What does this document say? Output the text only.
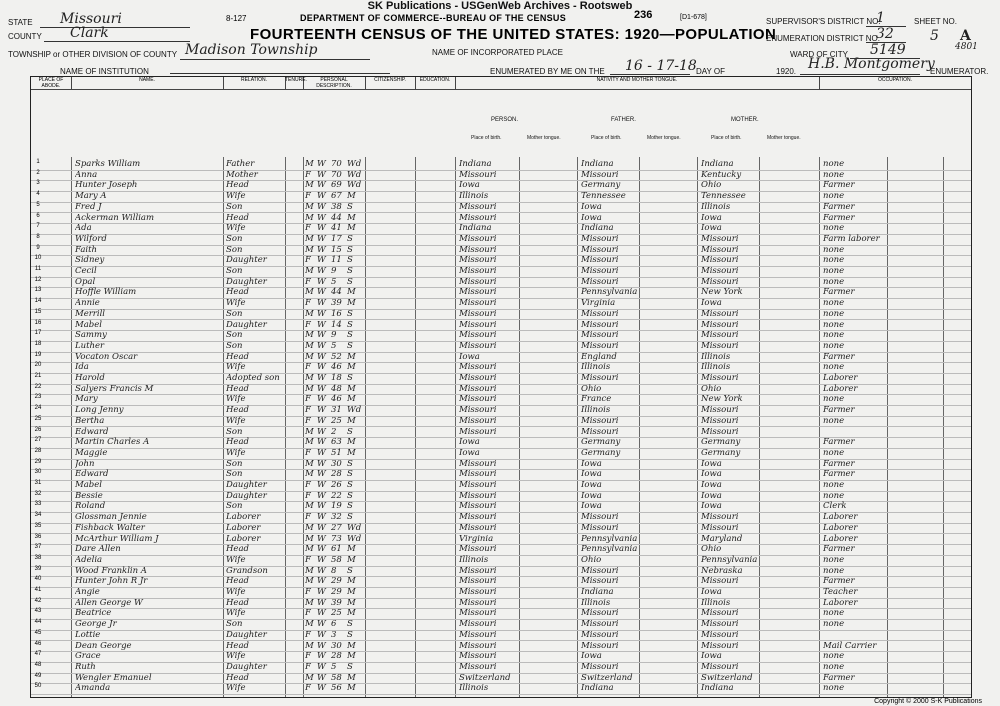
SK Publications - USGenWeb Archives - Rootsweb
8-127	DEPARTMENT OF COMMERCE--BUREAU OF THE CENSUS	236	[D1-678]
FOURTEENTH CENSUS OF THE UNITED STATES: 1920—POPULATION
STATE Missouri
COUNTY Clark
TOWNSHIP or OTHER DIVISION OF COUNTY Madison Township	NAME OF INCORPORATED PLACE
NAME OF INSTITUTION	ENUMERATED BY ME ON THE 16 - 17-18 DAY OF	1920. H.B. Montgomery
ENUMERATOR.
SUPERVISOR'S DISTRICT NO.
1	SHEET NO.
ENUMERATION DISTRICT NO.
32	5 A
WARD OF CITY 5149	4801
PLACE OF ABODE.
NAME.	RELATION.	TENURE.	PERSONAL DESCRIPTION.
CITIZENSHIP.	EDUCATION.	NATIVITY AND MOTHER TONGUE.	OCCUPATION.
PERSON.	FATHER.	MOTHER.
Place of birth.	Mother tongue.	Place of birth.	Mother tongue.	Place of birth.	Mother tongue.
1	Sparks William	Father	M W 70 Wd	Indiana	Indiana	Indiana	none
2	Anna	Mother	F W 70 Wd	Missouri	Missouri	Kentucky	none
3	Hunter Joseph	Head	M W 69 Wd	Iowa	Germany	Ohio	Farmer
4	Mary A	Wife	F W 67 M	Illinois	Tennessee	Tennessee	none
5	Fred J	Son	M W 38 S	Missouri	Iowa	Illinois	Farmer
6	Ackerman William	Head	M W 44 M	Missouri	Iowa	Iowa	Farmer
7	Ada	Wife	F W 41 M	Indiana	Indiana	Iowa	none
8	Wilford	Son	M W 17 S	Missouri	Missouri	Missouri	Farm laborer
9	Faith	Son	M W 15 S	Missouri	Missouri	Missouri	none
10	Sidney	Daughter	F W 11 S	Missouri	Missouri	Missouri	none
11	Cecil	Son	M W 9	S	Missouri	Missouri	Missouri	none
12	Opal	Daughter	F W 5	S	Missouri	Missouri	Missouri	none
13	Hoffle William	Head	M W 44 M	Missouri	Pennsylvania	New York	Farmer
14	Annie	Wife	F W 39 M	Missouri	Virginia	Iowa	none
15	Merrill	Son	M W 16 S	Missouri	Missouri	Missouri	none
16	Mabel	Daughter	F W 14 S	Missouri	Missouri	Missouri	none
17	Sammy	Son	M W 9	S	Missouri	Missouri	Missouri	none
18	Luther	Son	M W 5	S	Missouri	Missouri	Missouri	none
19	Vocaton Oscar	Head	M W 52 M	Iowa	England	Illinois	Farmer
20	Ida	Wife	F W 46 M	Missouri	Illinois	Illinois	none
21	Harold	Adopted son	M W 18 S	Missouri	Missouri	Missouri	Laborer
22	Salyers Francis M	Head	M W 48 M	Missouri	Ohio	Ohio	Laborer
23	Mary	Wife	F W 46 M	Missouri	France	New York	none
24	Long Jenny	Head	F W 31 Wd	Missouri	Illinois	Missouri	Farmer
25	Bertha	Wife	F W 25 M	Missouri	Missouri	Missouri	none
26	Edward	Son	M W 2	S	Missouri	Missouri	Missouri
27	Martin Charles A	Head	M W 63 M	Iowa	Germany	Germany	Farmer
28	Maggie	Wife	F W 51 M	Iowa	Germany	Germany	none
29	John	Son	M W 30 S	Missouri	Iowa	Iowa	Farmer
30	Edward	Son	M W 28 S	Missouri	Iowa	Iowa	Farmer
31	Mabel	Daughter	F W 26 S	Missouri	Iowa	Iowa	none
32	Bessie	Daughter	F W 22 S	Missouri	Iowa	Iowa	none
33	Roland	Son	M W 19 S	Missouri	Iowa	Iowa	Clerk
34	Glossman Jennie	Laborer	F W 32 S	Missouri	Missouri	Missouri	Laborer
35	Fishback Walter	Laborer	M W 27 Wd	Missouri	Missouri	Missouri	Laborer
36	McArthur William J	Laborer	M W 73 Wd	Virginia	Pennsylvania	Maryland	Laborer
37	Dare Allen	Head	M W 61 M	Missouri	Pennsylvania	Ohio	Farmer
38	Adelia	Wife	F W 58 M	Illinois	Ohio	Pennsylvania	none
39	Wood Franklin A	Grandson	M W 8	S	Missouri	Missouri	Nebraska	none
40	Hunter John R Jr	Head	M W 29 M	Missouri	Missouri	Missouri	Farmer
41	Angie	Wife	F W 29 M	Missouri	Indiana	Iowa	Teacher
42	Allen George W	Head	M W 39 M	Missouri	Illinois	Illinois	Laborer
43	Beatrice	Wife	F W 25 M	Missouri	Missouri	Missouri	none
44	George Jr	Son	M W 6	S	Missouri	Missouri	Missouri	none
45	Lottie	Daughter	F W 3	S	Missouri	Missouri	Missouri
46	Dean George	Head	M W 30 M	Missouri	Missouri	Missouri	Mail Carrier
47	Grace	Wife	F W 28 M	Missouri	Iowa	Iowa	none
48	Ruth	Daughter	F W 5	S	Missouri	Missouri	Missouri	none
49	Wengler Emanuel	Head	M W 58 M	Switzerland	Switzerland	Switzerland	Farmer
50	Amanda	Wife	F W 56 M	Illinois	Indiana	Indiana	none
Copyright © 2000 S-K Publications
